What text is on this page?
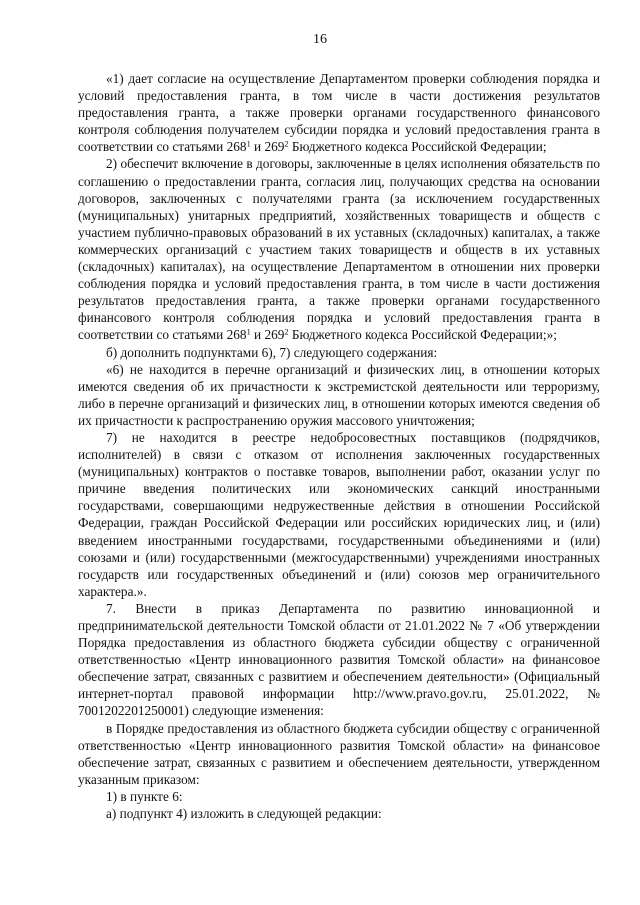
16

«1) дает согласие на осуществление Департаментом проверки соблюдения порядка и условий предоставления гранта, в том числе в части достижения результатов предоставления гранта, а также проверки органами государственного финансового контроля соблюдения получателем субсидии порядка и условий предоставления гранта в соответствии со статьями $268^1$ и $269^2$ Бюджетного кодекса Российской Федерации;

2) обеспечит включение в договоры, заключенные в целях исполнения обязательств по соглашению о предоставлении гранта, согласия лиц, получающих средства на основании договоров, заключенных с получателями гранта (за исключением государственных (муниципальных) унитарных предприятий, хозяйственных товариществ и обществ с участием публично-правовых образований в их уставных (складочных) капиталах, а также коммерческих организаций с участием таких товариществ и обществ в их уставных (складочных) капиталах), на осуществление Департаментом в отношении них проверки соблюдения порядка и условий предоставления гранта, в том числе в части достижения результатов предоставления гранта, а также проверки органами государственного финансового контроля соблюдения порядка и условий предоставления гранта в соответствии со статьями $268^1$ и $269^2$ Бюджетного кодекса Российской Федерации;»;

б) дополнить подпунктами 6), 7) следующего содержания:

«6) не находится в перечне организаций и физических лиц, в отношении которых имеются сведения об их причастности к экстремистской деятельности или терроризму, либо в перечне организаций и физических лиц, в отношении которых имеются сведения об их причастности к распространению оружия массового уничтожения;

7) не находится в реестре недобросовестных поставщиков (подрядчиков, исполнителей) в связи с отказом от исполнения заключенных государственных (муниципальных) контрактов о поставке товаров, выполнении работ, оказании услуг по причине введения политических или экономических санкций иностранными государствами, совершающими недружественные действия в отношении Российской Федерации, граждан Российской Федерации или российских юридических лиц, и (или) введением иностранными государствами, государственными объединениями и (или) союзами и (или) государственными (межгосударственными) учреждениями иностранных государств или государственных объединений и (или) союзов мер ограничительного характера.».

7. Внести в приказ Департамента по развитию инновационной и предпринимательской деятельности Томской области от 21.01.2022 № 7 «Об утверждении Порядка предоставления из областного бюджета субсидии обществу с ограниченной ответственностью «Центр инновационного развития Томской области» на финансовое обеспечение затрат, связанных с развитием и обеспечением деятельности» (Официальный интернет-портал правовой информации http://www.pravo.gov.ru, 25.01.2022, № 7001202201250001) следующие изменения:

в Порядке предоставления из областного бюджета субсидии обществу с ограниченной ответственностью «Центр инновационного развития Томской области» на финансовое обеспечение затрат, связанных с развитием и обеспечением деятельности, утвержденном указанным приказом:

1) в пункте 6:

а) подпункт 4) изложить в следующей редакции:
